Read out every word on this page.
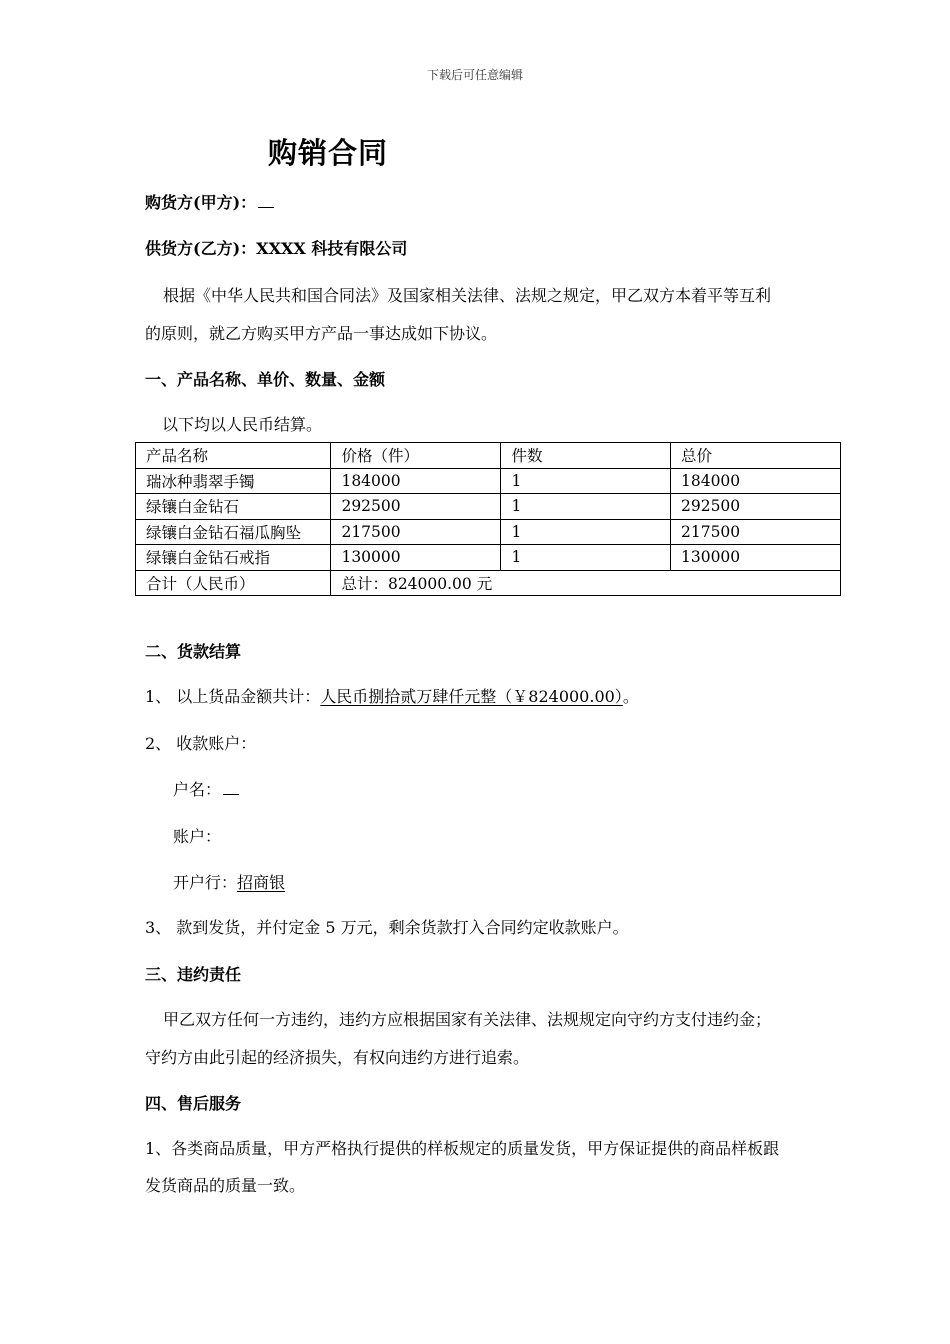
下载后可任意编辑
购销合同
购货方(甲方)：
供货方(乙方)：XXXX 科技有限公司
根据《中华人民共和国合同法》及国家相关法律、法规之规定，甲乙双方本着平等互利
的原则，就乙方购买甲方产品一事达成如下协议。
一、产品名称、单价、数量、金额
以下均以人民币结算。
产品名称	价格（件）	件数	总价
瑞冰种翡翠手镯	184000	1	184000
绿镶白金钻石	292500	1	292500
绿镶白金钻石福瓜胸坠	217500	1	217500
绿镶白金钻石戒指	130000	1	130000
合计（人民币）	总计：824000.00 元		
二、货款结算
1、 以上货品金额共计：人民币捌拾贰万肆仟元整（￥824000.00）。
2、 收款账户：
户名：
账户：
开户行：招商银
3、 款到发货，并付定金 5 万元，剩余货款打入合同约定收款账户。
三、违约责任
甲乙双方任何一方违约，违约方应根据国家有关法律、法规规定向守约方支付违约金；
守约方由此引起的经济损失，有权向违约方进行追索。
四、售后服务
1、各类商品质量，甲方严格执行提供的样板规定的质量发货，甲方保证提供的商品样板跟
发货商品的质量一致。
